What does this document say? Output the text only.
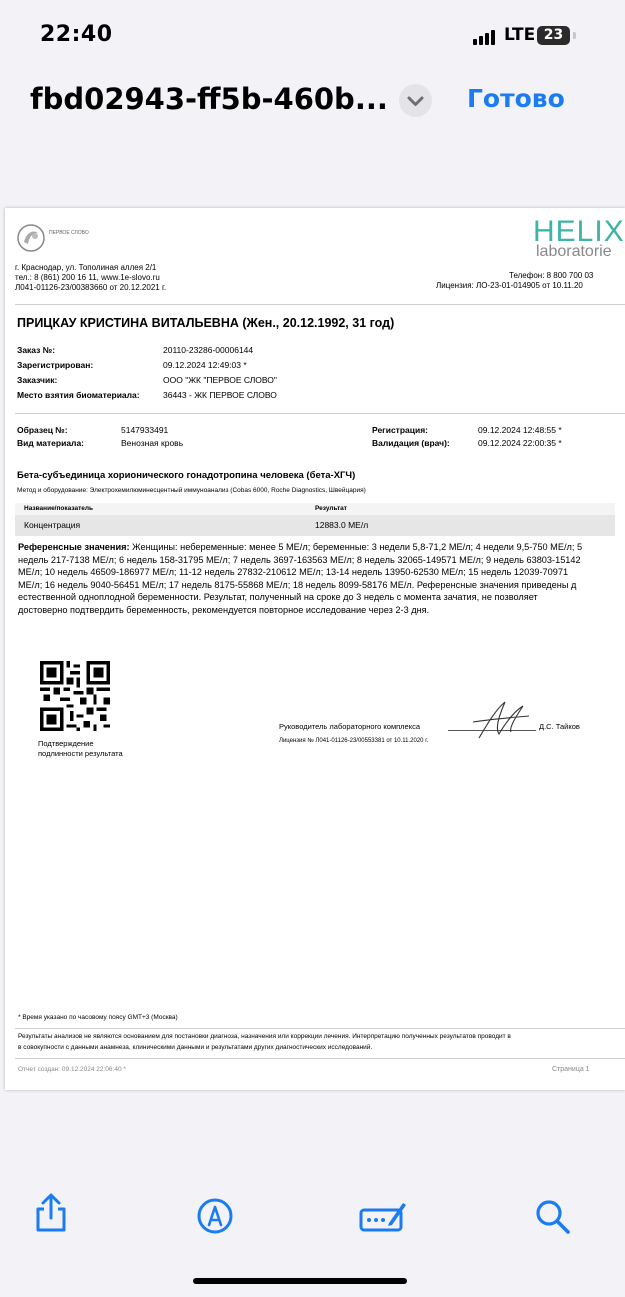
22:40	LTE 23
fbd02943-ff5b-460b...	Готово
ПЕРВОЕ СЛОВО
г. Краснодар, ул. Тополиная аллея 2/1
тел.: 8 (861) 200 16 11, www.1e-slovo.ru
Л041-01126-23/00383660 от 20.12.2021 г.
HELIX
laboratorie
Телефон: 8 800 700 03
Лицензия: ЛО-23-01-014905 от 10.11.20
ПРИЦКАУ КРИСТИНА ВИТАЛЬЕВНА (Жен., 20.12.1992, 31 год)
Заказ №:	20110-23286-00006144
Зарегистрирован:	09.12.2024 12:49:03 *
Заказчик:	ООО "ЖК "ПЕРВОЕ СЛОВО"
Место взятия биоматериала:	36443 - ЖК ПЕРВОЕ СЛОВО
Образец №:	5147933491
Вид материала:	Венозная кровь
Регистрация:	09.12.2024 12:48:55 *
Валидация (врач):	09.12.2024 22:00:35 *
Бета-субъединица хорионического гонадотропина человека (бета-ХГЧ)
Метод и оборудование: Электрохемилюминесцентный иммуноанализ (Cobas 6000, Roche Diagnostics, Швейцария)
Название/показатель	Результат
Концентрация	12883.0 МЕ/л
Референсные значения: Женщины: небеременные: менее 5 МЕ/л; беременные: 3 недели 5,8-71,2 МЕ/л; 4 недели 9,5-750 МЕ/л; 5
недель 217-7138 МЕ/л; 6 недель 158-31795 МЕ/л; 7 недель 3697-163563 МЕ/л; 8 недель 32065-149571 МЕ/л; 9 недель 63803-15142
МЕ/л; 10 недель 46509-186977 МЕ/л; 11-12 недель 27832-210612 МЕ/л; 13-14 недель 13950-62530 МЕ/л; 15 недель 12039-70971
МЕ/л; 16 недель 9040-56451 МЕ/л; 17 недель 8175-55868 МЕ/л; 18 недель 8099-58176 МЕ/л. Референсные значения приведены д
естественной одноплодной беременности. Результат, полученный на сроке до 3 недель с момента зачатия, не позволяет
достоверно подтвердить беременность, рекомендуется повторное исследование через 2-3 дня.
Подтверждение
подлинности результата
Руководитель лабораторного комплекса
Лицензия № Л041-01126-23/00553381 от 10.11.2020 г.
Д.С. Тайков
* Время указано по часовому поясу GMT+3 (Москва)
Результаты анализов не являются основанием для постановки диагноза, назначения или коррекции лечения. Интерпретацию полученных результатов проводит в
в совокупности с данными анамнеза, клиническими данными и результатами других диагностических исследований.
Отчет создан: 09.12.2024 22:06:40 *	Страница 1
